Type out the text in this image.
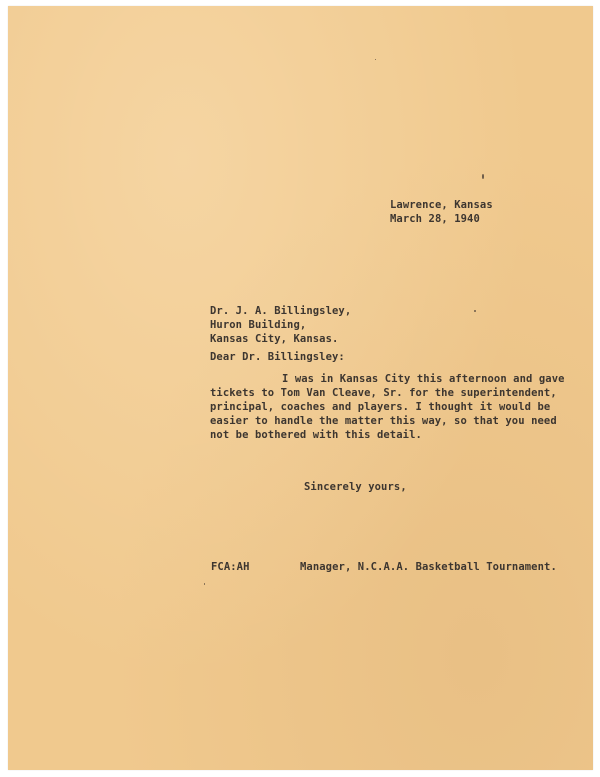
Lawrence, Kansas
March 28, 1940
Dr. J. A. Billingsley,
Huron Building,
Kansas City, Kansas.
Dear Dr. Billingsley:
I was in Kansas City this afternoon and gave
tickets to Tom Van Cleave, Sr. for the superintendent,
principal, coaches and players. I thought it would be
easier to handle the matter this way, so that you need
not be bothered with this detail.
Sincerely yours,
FCA:AH	Manager, N.C.A.A. Basketball Tournament.
